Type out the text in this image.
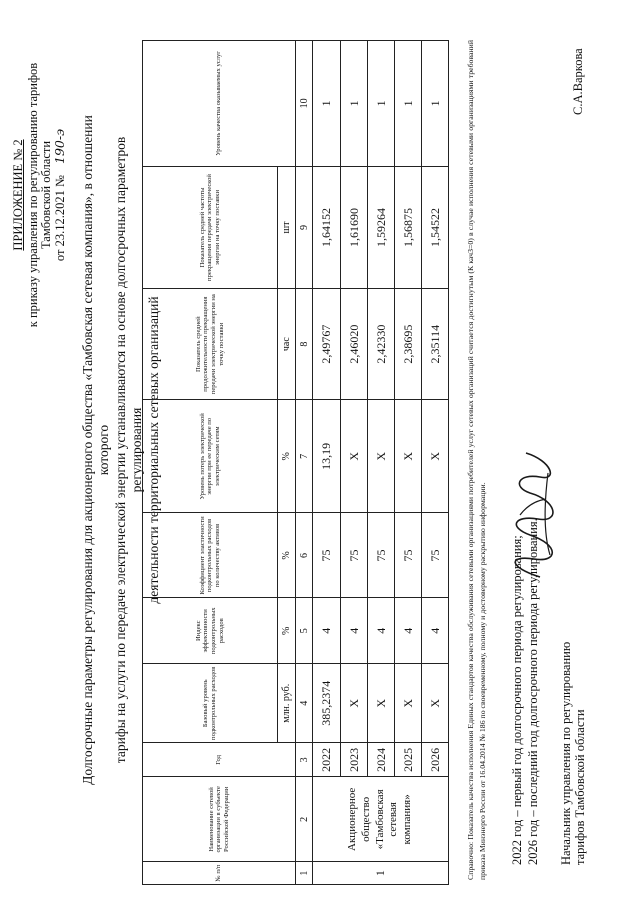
ПРИЛОЖЕНИЕ № 2 к приказу управления по регулированию тарифов Тамбовской области от 23.12.2021 № 190-э Долгосрочные параметры регулирования для акционерного общества «Тамбовская сетевая компания», в отношении которого тарифы на услуги по передаче электрической энергии устанавливаются на основе долгосрочных параметров регулирования деятельности территориальных сетевых организаций
№ п/п	Наименование сетевой организации в субъекте Российской Федерации	Год	Базовый уровень подконтрольных расходов	Индекс эффективности подконтрольных расходов	Коэффициент эластичности подконтрольных расходов по количеству активов	Уровень потерь электрической энергии при ее передаче по электрическим сетям	Показатель средней продолжительности прекращения передачи электрической энергии на точку поставки	Показатель средней частоты прекращения передачи электрической энергии на точку поставки	Уровень качества оказываемых услуг
			млн. руб.	%	%	%	час	шт	
1	2	3	4	5	6	7	8	9	10
1	Акционерное общество «Тамбовская сетевая компания»	2022	385,2374	4	75	13,19	2,49767	1,64152	1
		2023	X	4	75	X	2,46020	1,61690	1
		2024	X	4	75	X	2,42330	1,59264	1
		2025	X	4	75	X	2,38695	1,56875	1
		2026	X	4	75	X	2,35114	1,54522	1	Справочно: Показатель качества исполнения Единых стандартов качества обслуживания сетевыми организациями потребителей услуг сетевых организаций считается достигнутым (К кач3=0) в случае исполнения сетевыми организациями требований приказа Минэнерго России от 16.04.2014 № 186 по своевременному, полному и достоверному раскрытию информации. 2022 год – первый год долгосрочного периода регулирования; 2026 год – последний год долгосрочного периода регулирования. Начальник управления по регулированию тарифов Тамбовской области
С.А.Варкова
